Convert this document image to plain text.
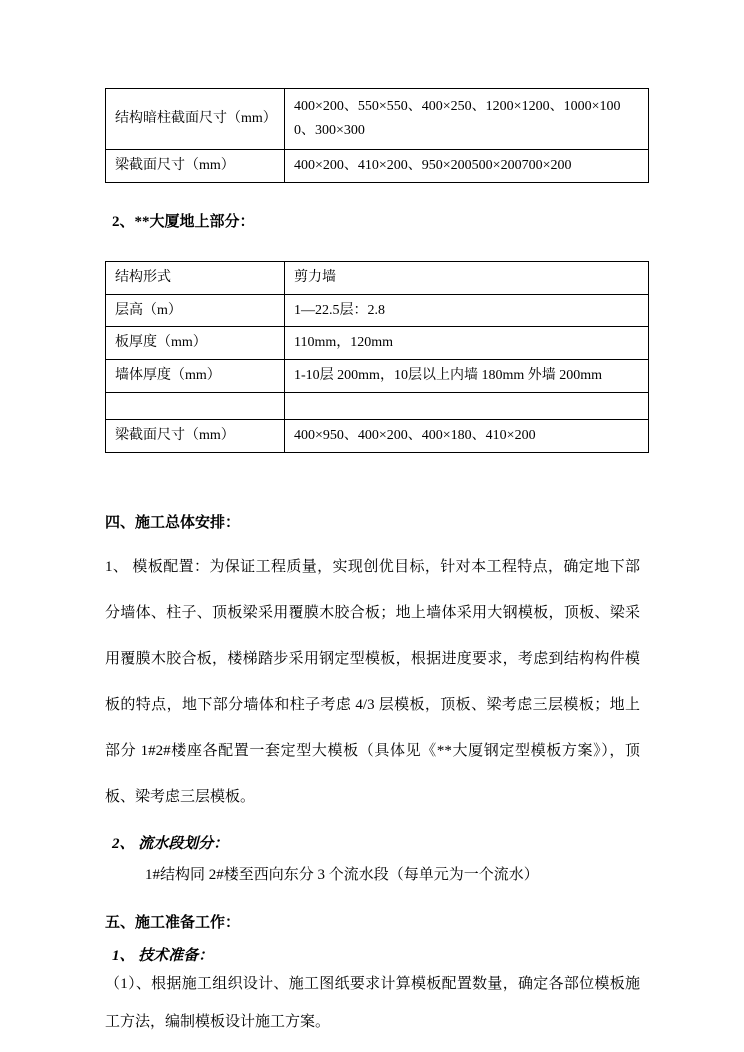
结构暗柱截面尺寸（mm）	400×200、550×550、400×250、1200×1200、1000×1000、300×300
梁截面尺寸（mm）	400×200、410×200、950×200500×200700×200

2、**大厦地上部分：

结构形式	剪力墙
层高（m）	1—22.5层：2.8
板厚度（mm）	110mm，120mm
墙体厚度（mm）	1-10层 200mm，10层以上内墙 180mm 外墙 200mm

梁截面尺寸（mm）	400×950、400×200、400×180、410×200

四、施工总体安排：

1、 模板配置：为保证工程质量，实现创优目标，针对本工程特点，确定地下部分墙体、柱子、顶板梁采用覆膜木胶合板；地上墙体采用大钢模板，顶板、梁采用覆膜木胶合板，楼梯踏步采用钢定型模板，根据进度要求，考虑到结构构件模板的特点，地下部分墙体和柱子考虑 4/3 层模板，顶板、梁考虑三层模板；地上部分 1#2#楼座各配置一套定型大模板（具体见《**大厦钢定型模板方案》），顶板、梁考虑三层模板。

2、 流水段划分：

1#结构同 2#楼至西向东分 3 个流水段（每单元为一个流水）

五、施工准备工作：

1、 技术准备：

（1）、根据施工组织设计、施工图纸要求计算模板配置数量，确定各部位模板施工方法，编制模板设计施工方案。
